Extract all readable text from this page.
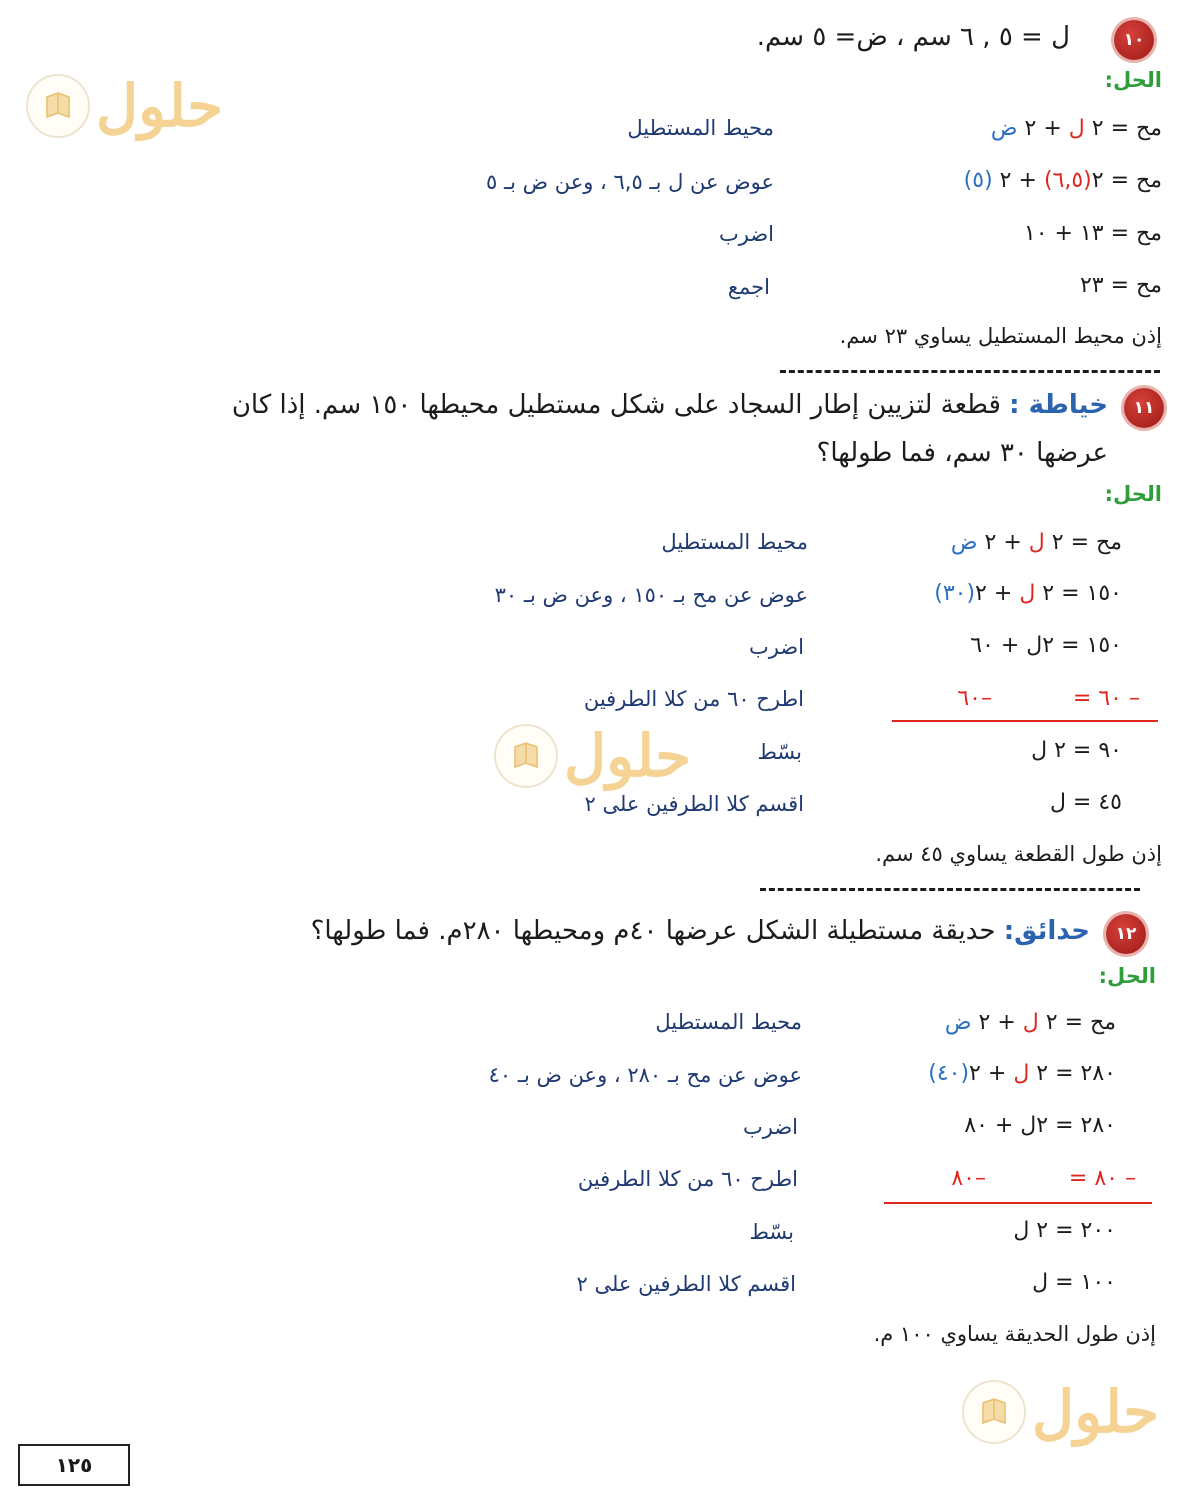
حلول
حلول
حلول
١٠
ل = ٥ , ٦ سم ، ض= ٥ سم.
الحل:
مح = ٢ ل + ٢ ض
محيط المستطيل
مح = ٢(٦,٥) + ٢ (٥)
عوض عن ل بـ ٦,٥ ، وعن ض بـ ٥
مح = ١٣ + ١٠
اضرب
مح = ٢٣
اجمع
إذن محيط المستطيل يساوي ٢٣ سم.
١١
خياطة : قطعة لتزيين إطار السجاد على شكل مستطيل محيطها ١٥٠ سم. إذا كان
عرضها ٣٠ سم، فما طولها؟
الحل:
مح = ٢ ل + ٢ ض
محيط المستطيل
١٥٠ = ٢ ل + ٢(٣٠)
عوض عن مح بـ ١٥٠ ، وعن ض بـ ٣٠
١٥٠ = ٢ل + ٦٠
اضرب
– ٦٠ =
–٦٠
اطرح ٦٠ من كلا الطرفين
٩٠ = ٢ ل
بسّط
٤٥ = ل
اقسم كلا الطرفين على ٢
إذن طول القطعة يساوي ٤٥ سم.
١٢
حدائق: حديقة مستطيلة الشكل عرضها ٤٠م ومحيطها ٢٨٠م. فما طولها؟
الحل:
مح = ٢ ل + ٢ ض
محيط المستطيل
٢٨٠ = ٢ ل + ٢(٤٠)
عوض عن مح بـ ٢٨٠ ، وعن ض بـ ٤٠
٢٨٠ = ٢ل + ٨٠
اضرب
– ٨٠ =
–٨٠
اطرح ٦٠ من كلا الطرفين
٢٠٠ = ٢ ل
بسّط
١٠٠ = ل
اقسم كلا الطرفين على ٢
إذن طول الحديقة يساوي ١٠٠ م.
١٢٥
